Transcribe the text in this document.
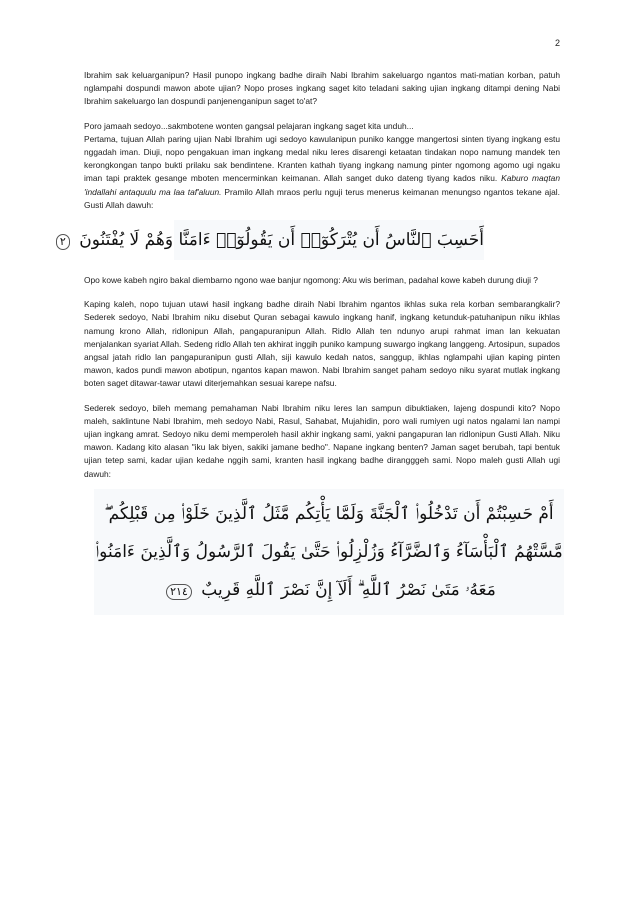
2

Ibrahim sak keluarganipun? Hasil punopo ingkang badhe diraih Nabi Ibrahim sakeluargo ngantos mati-matian korban, patuh nglampahi dospundi mawon abote ujian? Nopo proses ingkang saget kito teladani saking ujian ingkang ditampi dening Nabi Ibrahim sakeluargo lan dospundi panjenenganipun saget to'at?

Poro jamaah sedoyo...sakmbotene wonten gangsal pelajaran ingkang saget kita unduh...

Pertama, tujuan Allah paring ujian Nabi Ibrahim ugi sedoyo kawulanipun puniko kangge mangertosi sinten tiyang ingkang estu nggadah iman. Diuji, nopo pengakuan iman ingkang medal niku leres disarengi ketaatan tindakan nopo namung mandek ten kerongkongan tanpo bukti prilaku sak bendintene. Kranten kathah tiyang ingkang namung pinter ngomong agomo ugi ngaku iman tapi praktek gesange mboten mencerminkan keimanan. Allah sanget duko dateng tiyang kados niku. Kaburo maqtan 'indallahi antaquulu ma laa taf'aluun. Pramilo Allah mraos perlu nguji terus menerus keimanan menungso ngantos tekane ajal. Gusti Allah dawuh:

أَحَسِبَ ٱلنَّاسُ أَن يُتْرَكُوٓا۟ أَن يَقُولُوٓا۟ ءَامَنَّا وَهُمْ لَا يُفْتَنُونَ ٢

Opo kowe kabeh ngiro bakal diembarno ngono wae banjur ngomong: Aku wis beriman, padahal kowe kabeh durung diuji ?

Kaping kaleh, nopo tujuan utawi hasil ingkang badhe diraih Nabi Ibrahim ngantos ikhlas suka rela korban sembarangkalir? Sederek sedoyo, Nabi Ibrahim niku disebut Quran sebagai kawulo ingkang hanif, ingkang ketunduk-patuhanipun niku ikhlas namung krono Allah, ridlonipun Allah, pangapuranipun Allah. Ridlo Allah ten ndunyo arupi rahmat iman lan kekuatan menjalankan syariat Allah. Sedeng ridlo Allah ten akhirat inggih puniko kampung suwargo ingkang langgeng. Artosipun, supados angsal jatah ridlo lan pangapuranipun gusti Allah, siji kawulo kedah natos, sanggup, ikhlas nglampahi ujian kaping pinten mawon, kados pundi mawon abotipun, ngantos kapan mawon. Nabi Ibrahim sanget paham sedoyo niku syarat mutlak ingkang boten saget ditawar-tawar utawi diterjemahkan sesuai karepe nafsu.

Sederek sedoyo, bileh memang pemahaman Nabi Ibrahim niku leres lan sampun dibuktiaken, lajeng dospundi kito? Nopo maleh, saklintune Nabi Ibrahim, meh sedoyo Nabi, Rasul, Sahabat, Mujahidin, poro wali rumiyen ugi natos ngalami lan nampi ujian ingkang amrat. Sedoyo niku demi memperoleh hasil akhir ingkang sami, yakni pangapuran lan ridlonipun Gusti Allah. Niku mawon. Kadang kito alasan "iku lak biyen, sakiki jamane bedho". Napane ingkang benten? Jaman saget berubah, tapi bentuk ujian tetep sami, kadar ujian kedahe nggih sami, kranten hasil ingkang badhe dirangggeh sami. Nopo maleh gusti Allah ugi dawuh:

أَمْ حَسِبْتُمْ أَن تَدْخُلُوا۟ ٱلْجَنَّةَ وَلَمَّا يَأْتِكُم مَّثَلُ ٱلَّذِينَ خَلَوْا۟ مِن قَبْلِكُم ۖ مَّسَّتْهُمُ ٱلْبَأْسَآءُ وَٱلضَّرَّآءُ وَزُلْزِلُوا۟ حَتَّىٰ يَقُولَ ٱلرَّسُولُ وَٱلَّذِينَ ءَامَنُوا۟ مَعَهُۥ مَتَىٰ نَصْرُ ٱللَّهِ ۗ أَلَآ إِنَّ نَصْرَ ٱللَّهِ قَرِيبٌ ٢١٤
